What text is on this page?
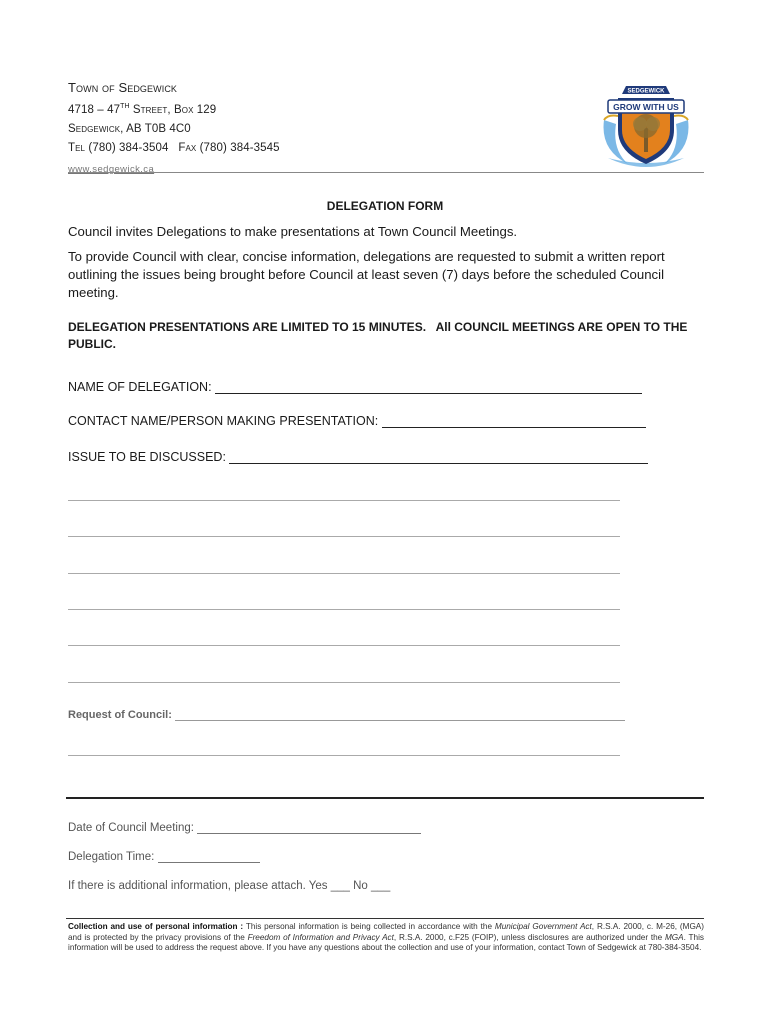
Town of Sedgewick
4718 – 47TH Street, Box 129
Sedgewick, AB T0B 4C0
Tel (780) 384-3504   Fax (780) 384-3545
www.sedgewick.ca
SEDGEWICK
GROW WITH US
DELEGATION FORM
Council invites Delegations to make presentations at Town Council Meetings.
To provide Council with clear, concise information, delegations are requested to submit a written report outlining the issues being brought before Council at least seven (7) days before the scheduled Council meeting.
DELEGATION PRESENTATIONS ARE LIMITED TO 15 MINUTES.   All COUNCIL MEETINGS ARE OPEN TO THE PUBLIC.
NAME OF DELEGATION:
CONTACT NAME/PERSON MAKING PRESENTATION:
ISSUE TO BE DISCUSSED:
Request of Council:
Date of Council Meeting:
Delegation Time:
If there is additional information, please attach. Yes ___ No ___
Collection and use of personal information : This personal information is being collected in accordance with the Municipal Government Act, R.S.A. 2000, c. M-26, (MGA) and is protected by the privacy provisions of the Freedom of Information and Privacy Act, R.S.A. 2000, c.F25 (FOIP), unless disclosures are authorized under the MGA. This information will be used to address the request above. If you have any questions about the collection and use of your information, contact Town of Sedgewick at 780-384-3504.
